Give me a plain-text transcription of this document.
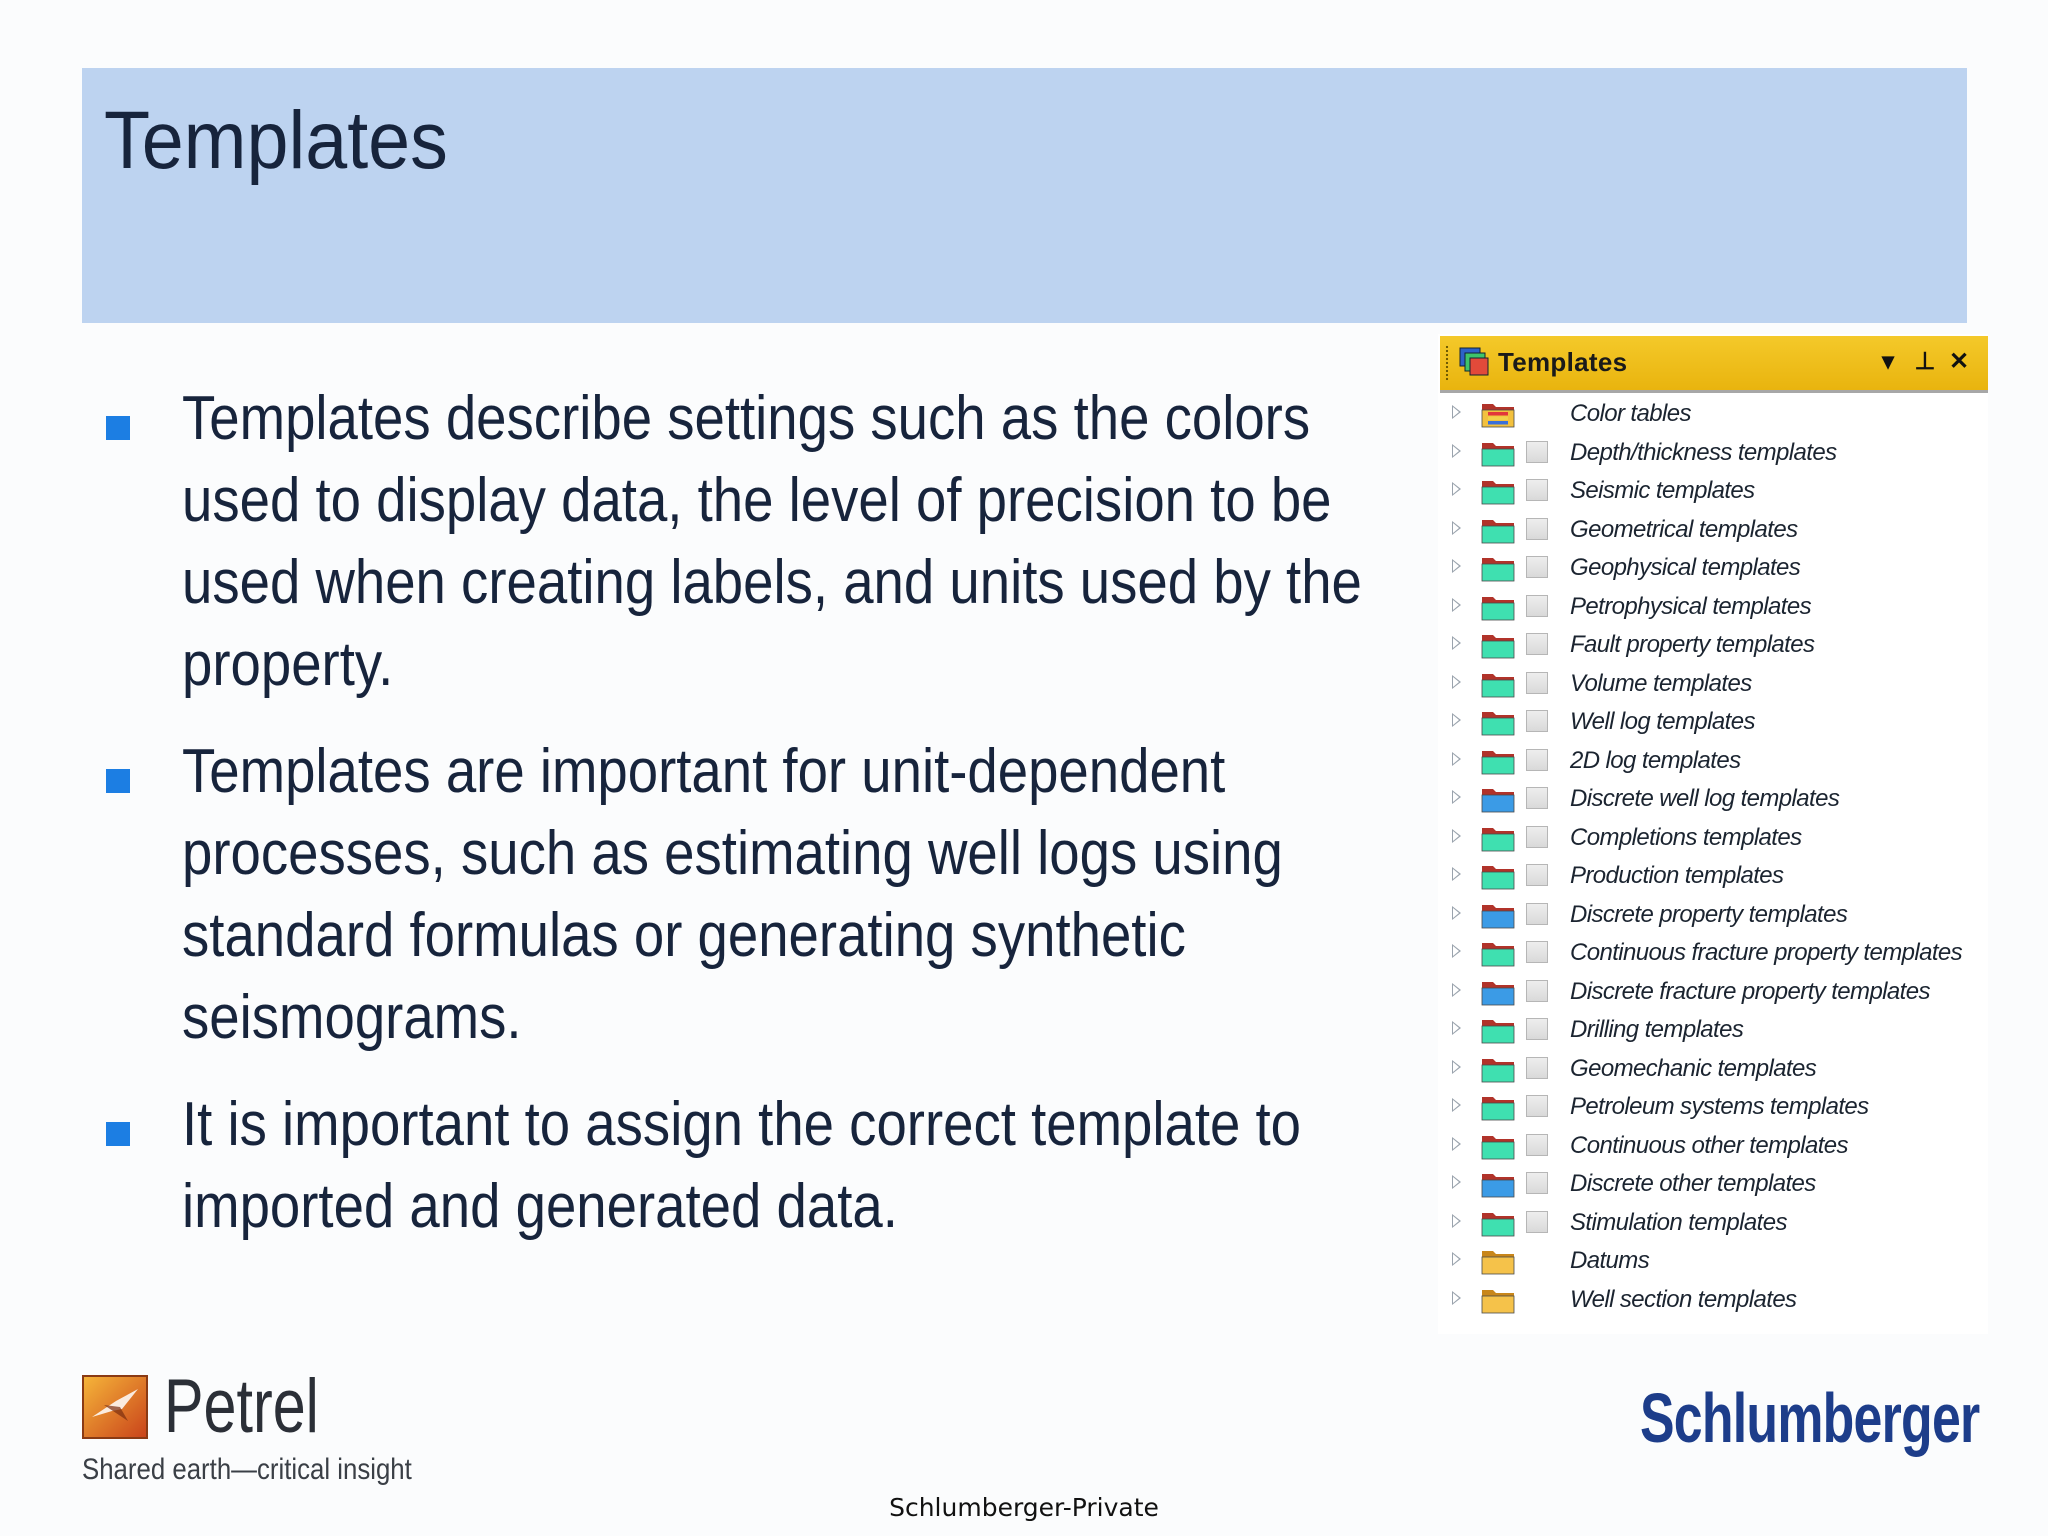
Templates
Templates describe settings such as the colors used to display data, the level of precision to be used when creating labels, and units used by the property.
Templates are important for unit-dependent processes, such as estimating well logs using standard formulas or generating synthetic seismograms.
It is important to assign the correct template to imported and generated data.
Templates	▾ ⊥ ✕
Color tables
Depth/thickness templates
Seismic templates
Geometrical templates
Geophysical templates
Petrophysical templates
Fault property templates
Volume templates
Well log templates
2D log templates
Discrete well log templates
Completions templates
Production templates
Discrete property templates
Continuous fracture property templates
Discrete fracture property templates
Drilling templates
Geomechanic templates
Petroleum systems templates
Continuous other templates
Discrete other templates
Stimulation templates
Datums
Well section templates
Petrel
Shared earth—critical insight
Schlumberger
Schlumberger-Private
